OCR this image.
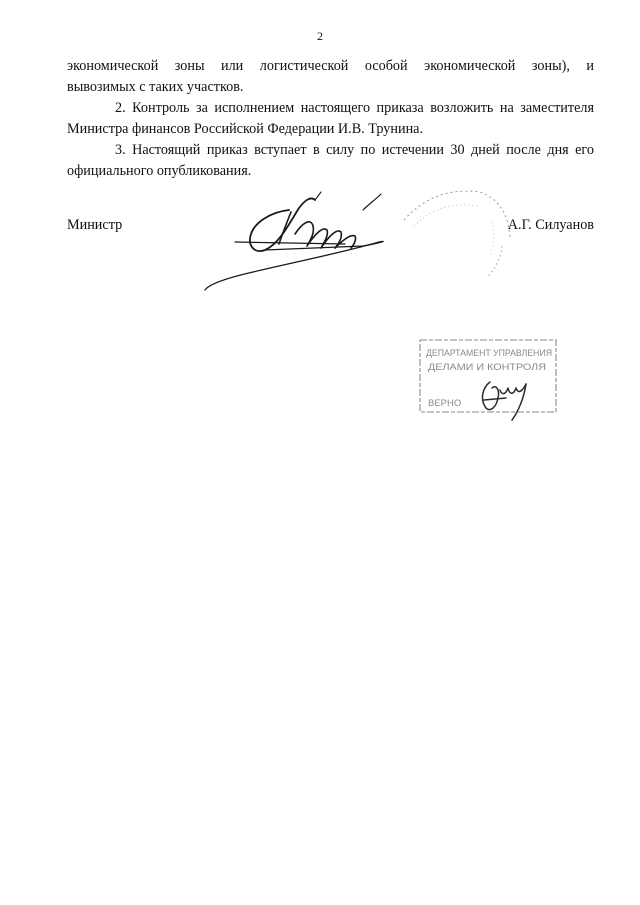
2
экономической зоны или логистической особой экономической зоны), и
вывозимых с таких участков.
2. Контроль за исполнением настоящего приказа возложить на заместителя
Министра финансов Российской Федерации И.В. Трунина.
3. Настоящий приказ вступает в силу по истечении 30 дней после дня его
официального опубликования.
Министр	А.Г. Силуанов
ДЕПАРТАМЕНТ УПРАВЛЕНИЯ
ДЕЛАМИ И КОНТРОЛЯ
ВЕРНО
